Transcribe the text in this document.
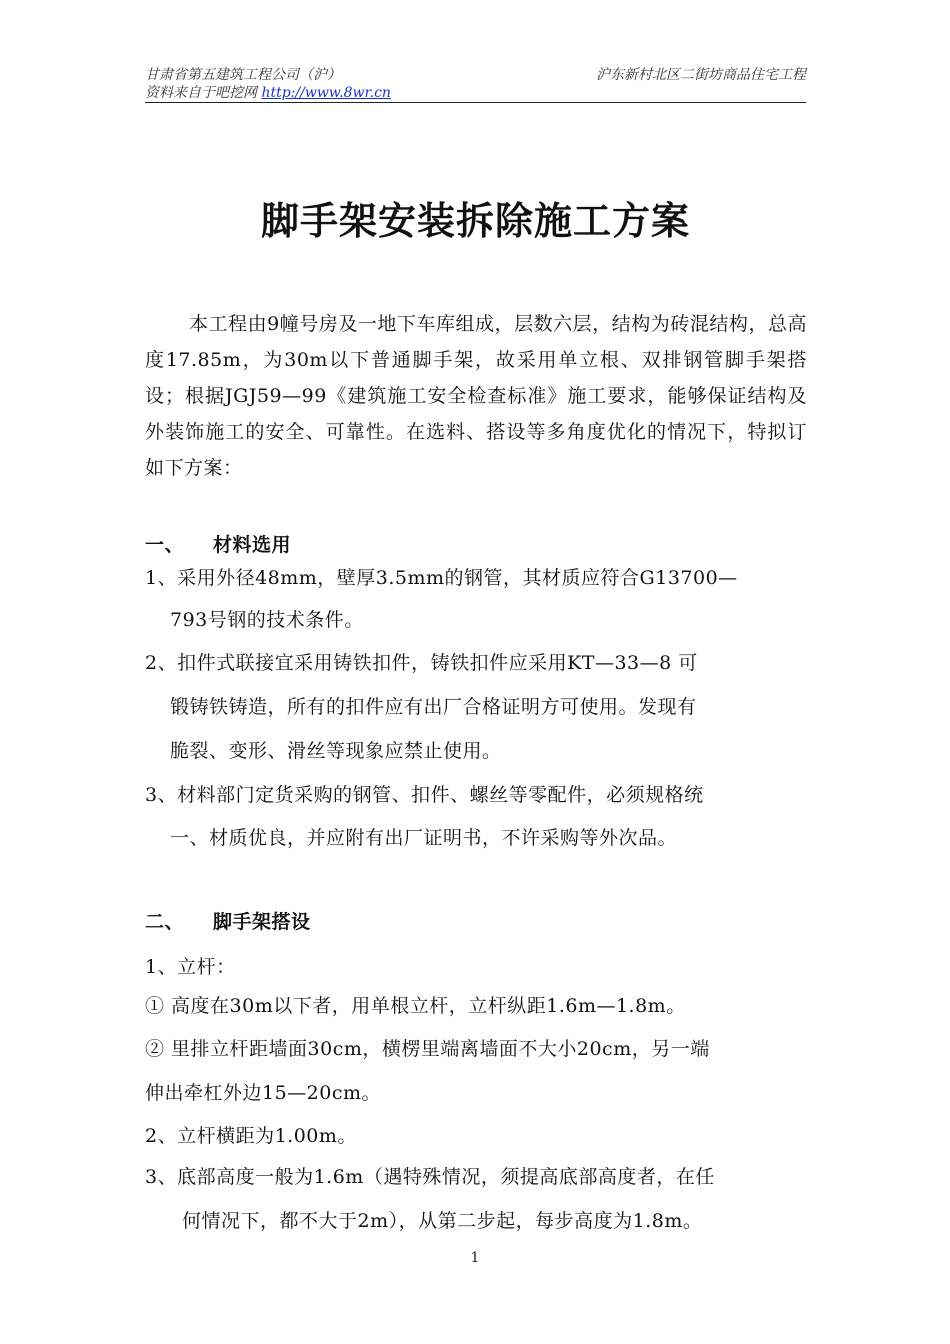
甘肃省第五建筑工程公司（沪）	沪东新村北区二街坊商品住宅工程
资料来自于吧挖网 http://www.8wr.cn
脚手架安装拆除施工方案
本工程由9幢号房及一地下车库组成，层数六层，结构为砖混结构，总高度17.85m，为30m以下普通脚手架，故采用单立根、双排钢管脚手架搭设；根据JGJ59—99《建筑施工安全检查标准》施工要求，能够保证结构及外装饰施工的安全、可靠性。在选料、搭设等多角度优化的情况下，特拟订如下方案：
一、 材料选用
1、采用外径48mm，壁厚3.5mm的钢管，其材质应符合G13700—
793号钢的技术条件。
2、扣件式联接宜采用铸铁扣件，铸铁扣件应采用KT—33—8 可
锻铸铁铸造，所有的扣件应有出厂合格证明方可使用。发现有
脆裂、变形、滑丝等现象应禁止使用。
3、材料部门定货采购的钢管、扣件、螺丝等零配件，必须规格统
一、材质优良，并应附有出厂证明书，不许采购等外次品。
二、 脚手架搭设
1、立杆：
① 高度在30m以下者，用单根立杆，立杆纵距1.6m—1.8m。
② 里排立杆距墙面30cm，横楞里端离墙面不大小20cm，另一端
伸出牵杠外边15—20cm。
2、立杆横距为1.00m。
3、底部高度一般为1.6m（遇特殊情况，须提高底部高度者，在任
何情况下，都不大于2m），从第二步起，每步高度为1.8m。
1
